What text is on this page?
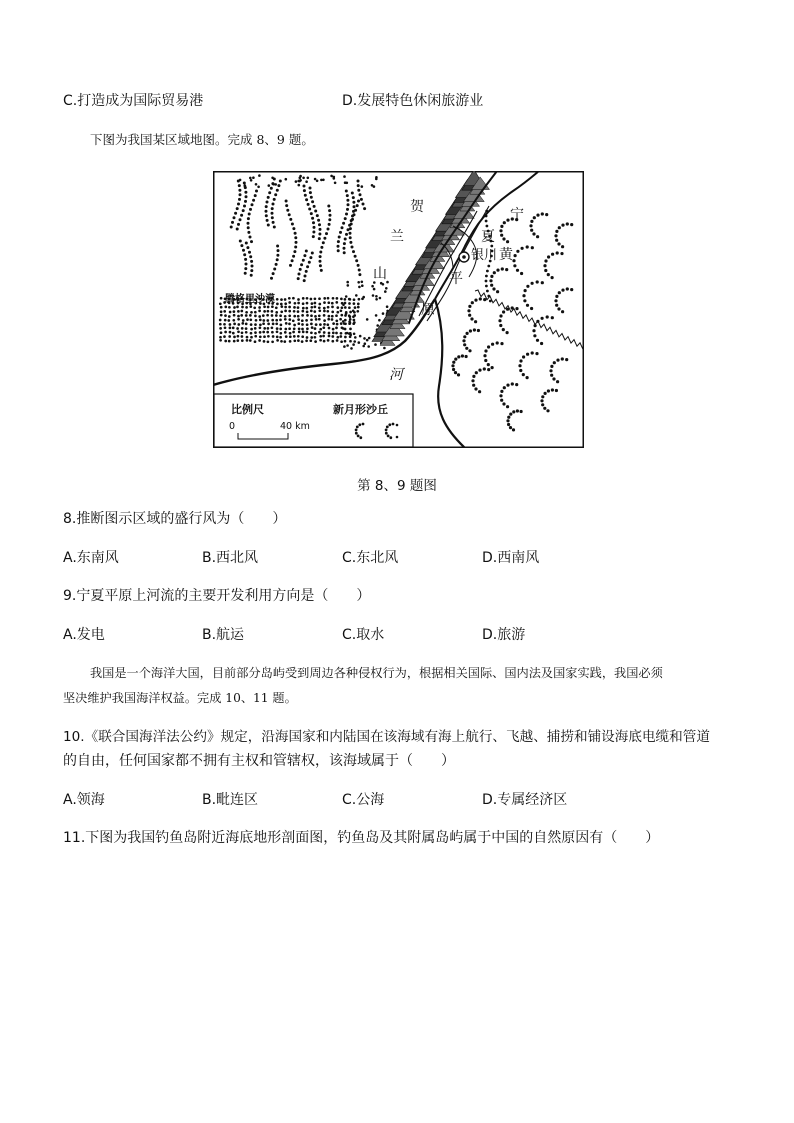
C.打造成为国际贸易港	D.发展特色休闲旅游业
下图为我国某区域地图。完成 8、9 题。
贺
兰
山
宁
夏
银川 黄
平
原
河
腾格里沙漠
比例尺	新月形沙丘
0	40 km
第 8、9 题图
8.推断图示区域的盛行风为（　　）
A.东南风	B.西北风	C.东北风	D.西南风
9.宁夏平原上河流的主要开发利用方向是（　　）
A.发电	B.航运	C.取水	D.旅游
我国是一个海洋大国，目前部分岛屿受到周边各种侵权行为，根据相关国际、国内法及国家实践，我国必须
坚决维护我国海洋权益。完成 10、11 题。
10.《联合国海洋法公约》规定，沿海国家和内陆国在该海域有海上航行、飞越、捕捞和铺设海底电缆和管道
的自由，任何国家都不拥有主权和管辖权，该海域属于（　　）
A.领海	B.毗连区	C.公海	D.专属经济区
11.下图为我国钓鱼岛附近海底地形剖面图，钓鱼岛及其附属岛屿属于中国的自然原因有（　　）
